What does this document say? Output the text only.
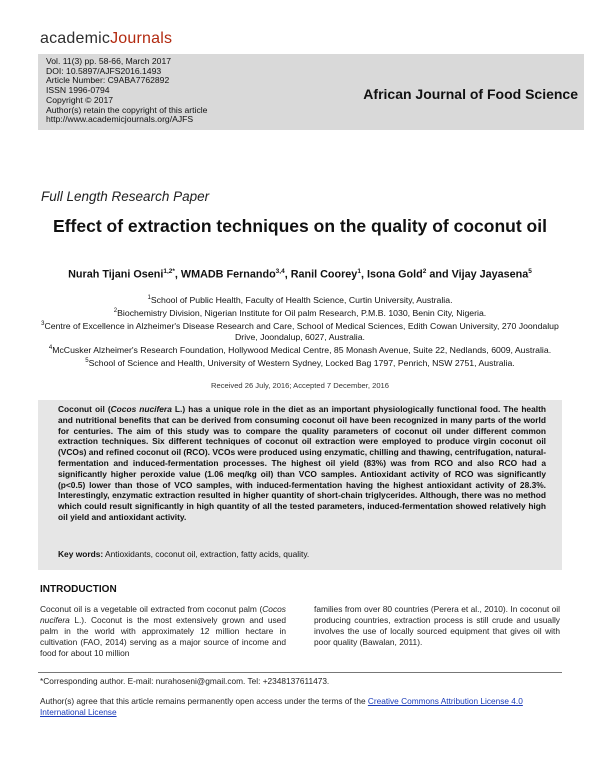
academicJournals
Vol. 11(3) pp. 58-66, March 2017
DOI: 10.5897/AJFS2016.1493
Article Number: C9ABA7762892
ISSN 1996-0794
Copyright © 2017
Author(s) retain the copyright of this article
http://www.academicjournals.org/AJFS
African Journal of Food Science
Full Length Research Paper
Effect of extraction techniques on the quality of coconut oil
Nurah Tijani Oseni$^{1,2*}$, WMADB Fernando$^{3,4}$, Ranil Coorey$^1$, Isona Gold$^2$ and Vijay Jayasena$^5$
$^1$School of Public Health, Faculty of Health Science, Curtin University, Australia.
$^2$Biochemistry Division, Nigerian Institute for Oil palm Research, P.M.B. 1030, Benin City, Nigeria.
$^3$Centre of Excellence in Alzheimer's Disease Research and Care, School of Medical Sciences, Edith Cowan University, 270 Joondalup Drive, Joondalup, 6027, Australia.
$^4$McCusker Alzheimer's Research Foundation, Hollywood Medical Centre, 85 Monash Avenue, Suite 22, Nedlands, 6009, Australia.
$^5$School of Science and Health, University of Western Sydney, Locked Bag 1797, Penrich, NSW 2751, Australia.
Received 26 July, 2016; Accepted 7 December, 2016
Coconut oil (Cocos nucifera L.) has a unique role in the diet as an important physiologically functional food. The health and nutritional benefits that can be derived from consuming coconut oil have been recognized in many parts of the world for centuries. The aim of this study was to compare the quality parameters of coconut oil under different common extraction techniques. Six different techniques of coconut oil extraction were employed to produce virgin coconut oil (VCOs) and refined coconut oil (RCO). VCOs were produced using enzymatic, chilling and thawing, centrifugation, natural-fermentation and induced-fermentation processes. The highest oil yield (83%) was from RCO and also RCO had a significantly higher peroxide value (1.06 meq/kg oil) than VCO samples. Antioxidant activity of RCO was significantly (p<0.5) lower than those of VCO samples, with induced-fermentation having the highest antioxidant activity of 28.3%. Interestingly, enzymatic extraction resulted in higher quantity of short-chain triglycerides. Although, there was no method which could result significantly in high quantity of all the tested parameters, induced-fermentation showed relatively high oil yield and antioxidant activity.
Key words: Antioxidants, coconut oil, extraction, fatty acids, quality.
INTRODUCTION
Coconut oil is a vegetable oil extracted from coconut palm (Cocos nucifera L.). Coconut is the most extensively grown and used palm in the world with approximately 12 million hectare in cultivation (FAO, 2014) serving as a major source of income and food for about 10 million
families from over 80 countries (Perera et al., 2010). In coconut oil producing countries, extraction process is still crude and usually involves the use of locally sourced equipment that gives oil with poor quality (Bawalan, 2011).
*Corresponding author. E-mail: nurahoseni@gmail.com. Tel: +2348137611473.
Author(s) agree that this article remains permanently open access under the terms of the Creative Commons Attribution License 4.0 International License
